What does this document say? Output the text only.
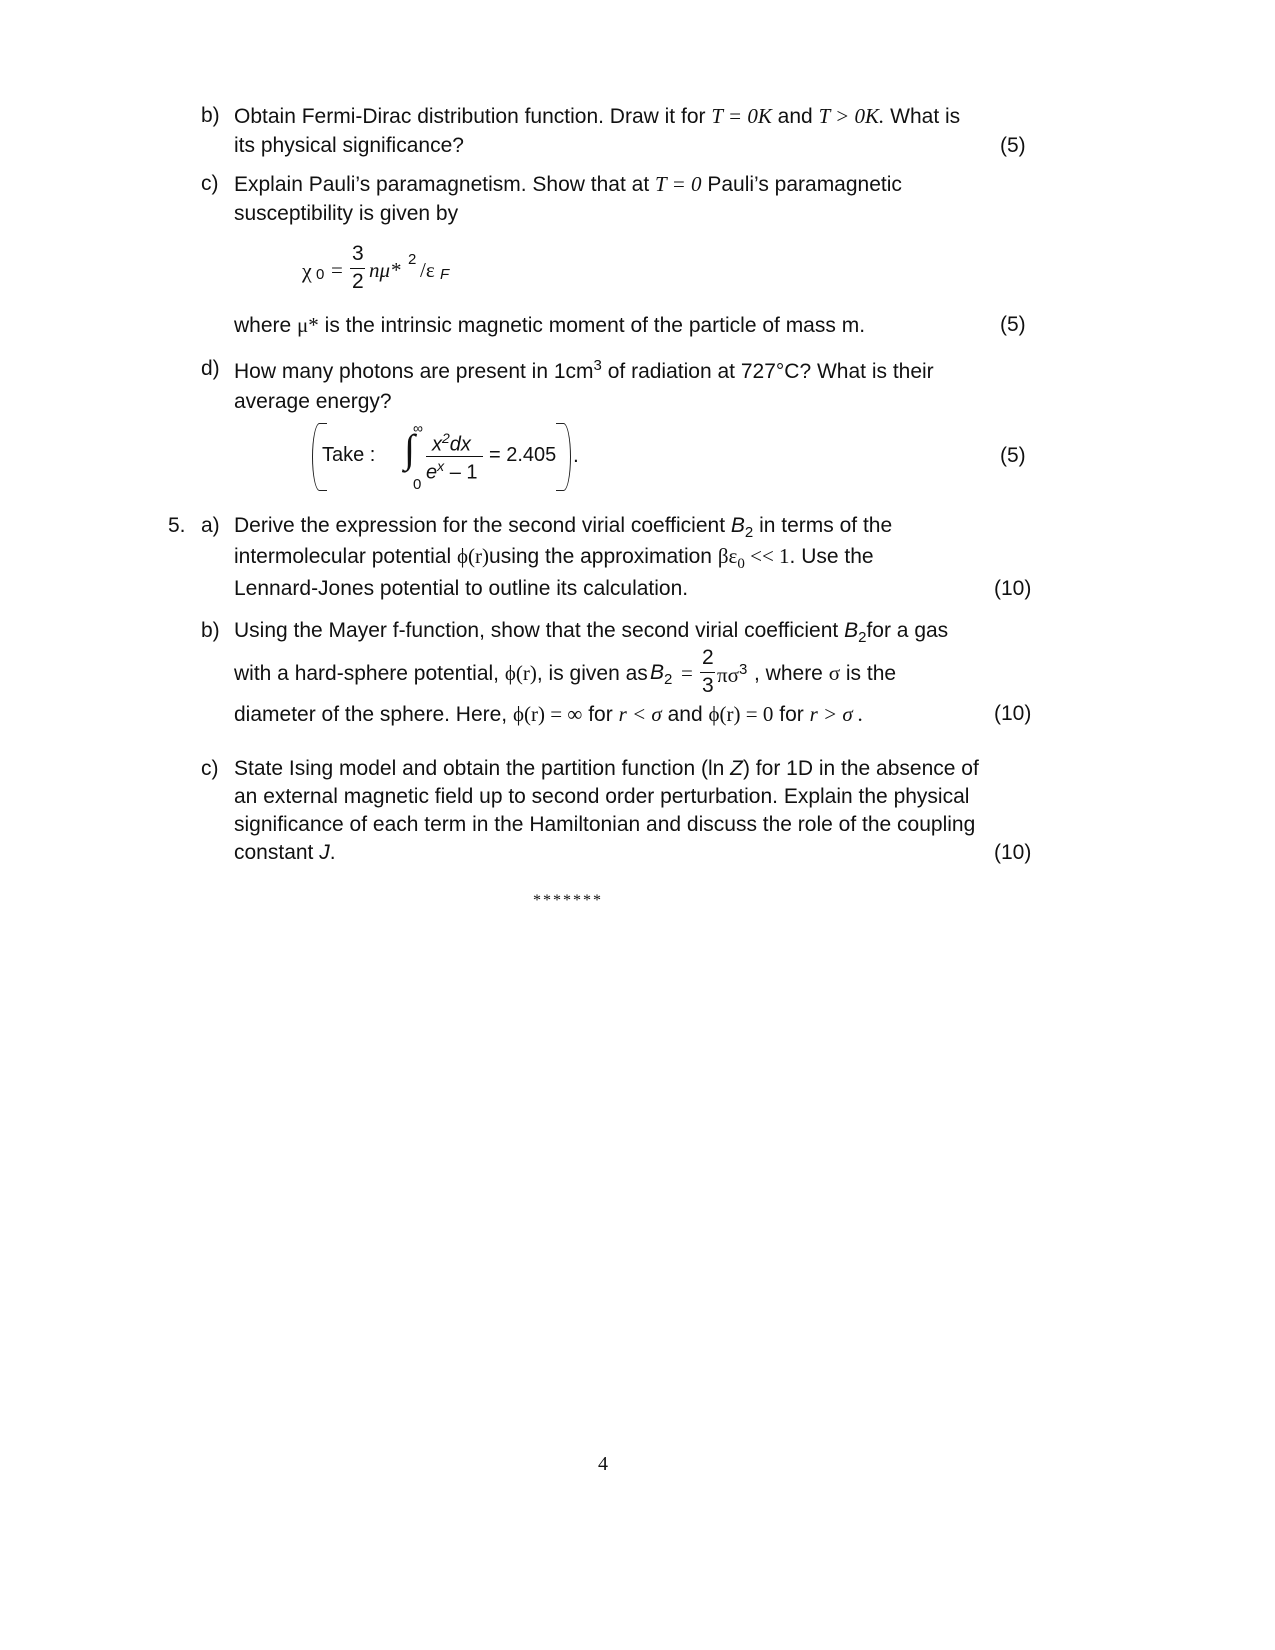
b) Obtain Fermi-Dirac distribution function. Draw it for T = 0K and T > 0K. What is
its physical significance?	(5)
c) Explain Pauli’s paramagnetism. Show that at T = 0 Pauli’s paramagnetic
susceptibility is given by
χ 0 =
3
2 nμ* 2 /ε F
where μ* is the intrinsic magnetic moment of the particle of mass m.	(5)
d) How many photons are present in $1cm^3$ of radiation at 727°C? What is their
average energy?
Take :
∞
∫
0
$x^2dx$
$e^x - 1$
= 2.405 .	(5)
5. a) Derive the expression for the second virial coefficient $B_2$ in terms of the
intermolecular potential ϕ(r)using the approximation $\beta\varepsilon_0 << 1$. Use the
Lennard-Jones potential to outline its calculation.	(10)
b) Using the Mayer f-function, show that the second virial coefficient $B_2for$ a gas
with a hard-sphere potential, ϕ(r), is given as $B_2$ =
2
3 $\pi\sigma^3$ , where σ is the
diameter of the sphere. Here, ϕ(r) = ∞ for r < σ and ϕ(r) = 0 for r > σ .	(10)
c) State Ising model and obtain the partition function (ln Z) for 1D in the absence of
an external magnetic field up to second order perturbation. Explain the physical
significance of each term in the Hamiltonian and discuss the role of the coupling
constant J.	(10)
*******
4
